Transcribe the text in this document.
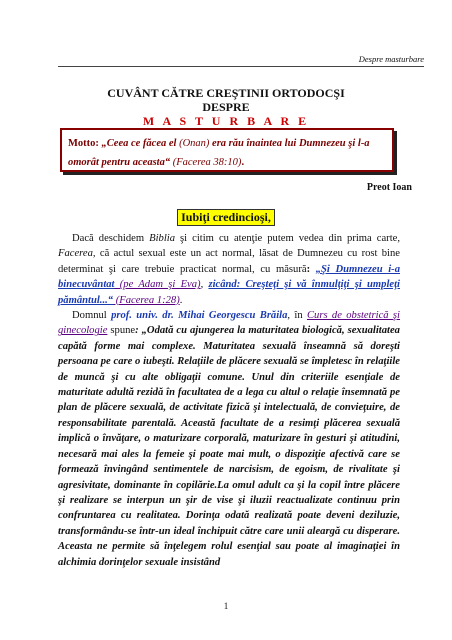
Despre masturbare
CUVÂNT CĂTRE CREŞTINII ORTODOCŞI
DESPRE
M A S T U R B A R E
Motto: „Ceea ce făcea el (Onan) era rău înaintea lui Dumnezeu şi l-a omorât pentru aceasta“ (Facerea 38:10).
Preot Ioan
Iubiţi credincioşi,

Dacă deschidem Biblia şi citim cu atenţie putem vedea din prima carte, Facerea, că actul sexual este un act normal, lăsat de Dumnezeu cu rost bine determinat şi care trebuie practicat normal, cu măsură: „Şi Dumnezeu i-a binecuvântat (pe Adam şi Eva), zicând: Creşteţi şi vă înmulţiţi şi umpleţi pământul...“ (Facerea 1:28).

Domnul prof. univ. dr. Mihai Georgescu Brăila, în Curs de obstetrică şi ginecologie spune: „Odată cu ajungerea la maturitatea biologică, sexualitatea capătă forme mai complexe. Maturitatea sexuală înseamnă să doreşti persoana pe care o iubeşti. Relaţiile de plăcere sexuală se împletesc în relaţiile de muncă şi cu alte obligaţii comune. Unul din criteriile esenţiale de maturitate adultă rezidă în facultatea de a lega cu altul o relaţie însemnată pe plan de plăcere sexuală, de activitate fizică şi intelectuală, de convieţuire, de responsabilitate parentală. Această facultate de a resimţi plăcerea sexuală implică o învăţare, o maturizare corporală, maturizare în gesturi şi atitudini, necesară mai ales la femeie şi poate mai mult, o dispoziţie afectivă care se formează învingând sentimentele de narcisism, de egoism, de rivalitate şi agresivitate, dominante în copilărie.La omul adult ca şi la copil între plăcere şi realizare se interpun un şir de vise şi iluzii reactualizate continuu prin confruntarea cu realitatea. Dorinţa odată realizată poate deveni deziluzie, transformându-se într-un ideal închipuit către care unii aleargă cu disperare. Aceasta ne permite să înţelegem rolul esenţial sau poate al imaginaţiei în alchimia dorinţelor sexuale insistând

1
